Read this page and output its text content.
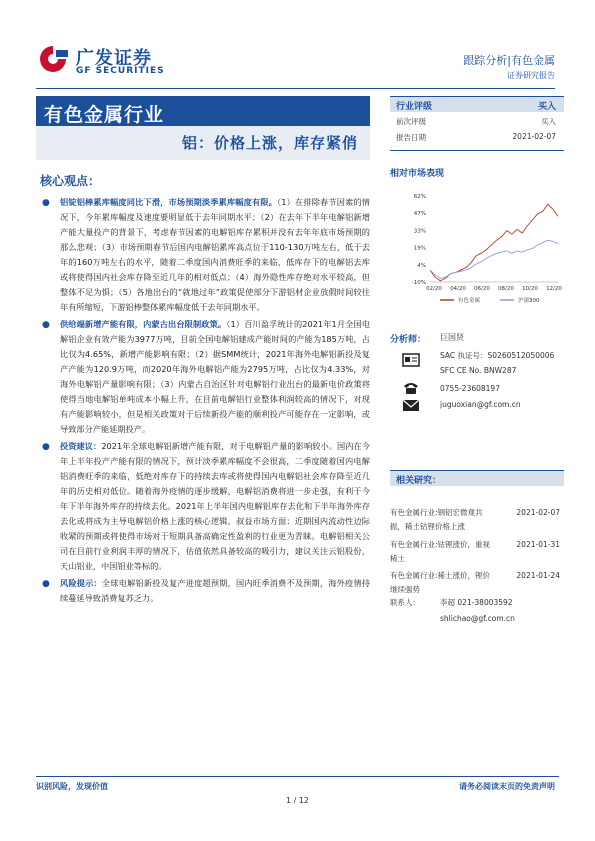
广发证券
GF SECURITIES
跟踪分析|有色金属
证券研究报告
有色金属行业
铝：价格上涨，库存紧俏
核心观点：
● 铝锭铝棒累库幅度同比下滑，市场预期淡季累库幅度有限。（1）在排除春节因素的情况下，今年累库幅度及速度要明显低于去年同期水平；（2）在去年下半年电解铝新增产能大量投产的背景下，考虑春节因素的电解铝库存累积并没有去年年底市场预期的那么悲观；（3）市场预期春节后国内电解铝累库高点位于110-130万吨左右，低于去年的160万吨左右的水平，随着二季度国内消费旺季的来临，低库存下的电解铝去库或将使得国内社会库存降至近几年的相对低点；（4）海外隐性库存绝对水平较高，但整体不足为惧；（5）各地出台的“就地过年”政策促使部分下游铝材企业放假时间较往年有所缩短，下游铝棒整体累库幅度低于去年同期水平。
● 供给端新增产能有限，内蒙古出台限制政策。（1）百川盈孚统计的2021年1月全国电解铝企业有效产能为3977万吨，目前全国电解铝建成产能时间的产能为185万吨，占比仅为4.65%，新增产能影响有限；（2）据SMM统计，2021年海外电解铝新投及复产产能为120.9万吨，而2020年海外电解铝产能为2795万吨，占比仅为4.33%，对海外电解铝产量影响有限；（3）内蒙古自治区针对电解铝行业出台的最新电价政策将使得当地电解铝单吨成本小幅上升，在目前电解铝行业整体利润较高的情况下，对现有产能影响较小，但是相关政策对于后续新投产能的顺利投产可能存在一定影响，或导致部分产能延期投产。
● 投资建议：2021年全球电解铝新增产能有限，对于电解铝产量的影响较小。国内在今年上半年投产产能有限的情况下，预计淡季累库幅度不会很高，二季度随着国内电解铝消费旺季的来临，低绝对库存下的持续去库或将使得国内电解铝社会库存降至近几年的历史相对低位。随着海外疫情的逐步缓解，电解铝消费将进一步走强，有利于今年下半年海外库存的持续去化。2021年上半年国内电解铝库存去化和下半年海外库存去化或将成为主导电解铝价格上涨的核心逻辑，叔益市场方面：近期国内流动性边际收紧的预期或将使得市场对于短期具备高确定性盈利的行业更为青睐。电解铝相关公司在目前行业利润丰厚的情况下，估值依然具备较高的吸引力，建议关注云铝股份，天山铝业，中国铝业等标的。
● 风险提示：全球电解铝新投及复产进度超预期，国内旺季消费不及预期，海外疫情持续蔓延导致消费复苏乏力。
行业评级	买入
前次评级	买入
报告日期	2021-02-07
相对市场表现
-10%
4%
19%
33%
47%
62%
02/20 04/20 06/20 08/20 10/20 12/20
有色金属	沪深300
分析师： 巨国贤
SAC 执证号：S0260512050006
SFC CE No. BNW287
0755-23608197
juguoxian@gf.com.cn
相关研究：
有色金属行业:钢铝宏微观共
振，稀土钴锂价格上涨
2021-02-07
有色金属行业:钴锂涨价，重视
稀土
2021-01-31
有色金属行业:稀土涨价，锂价
继续强势
2021-01-24
联系人：	李超 021-38003592
shlichao@gf.com.cn
识别风险，发现价值	请务必阅读末页的免责声明
1 / 12
